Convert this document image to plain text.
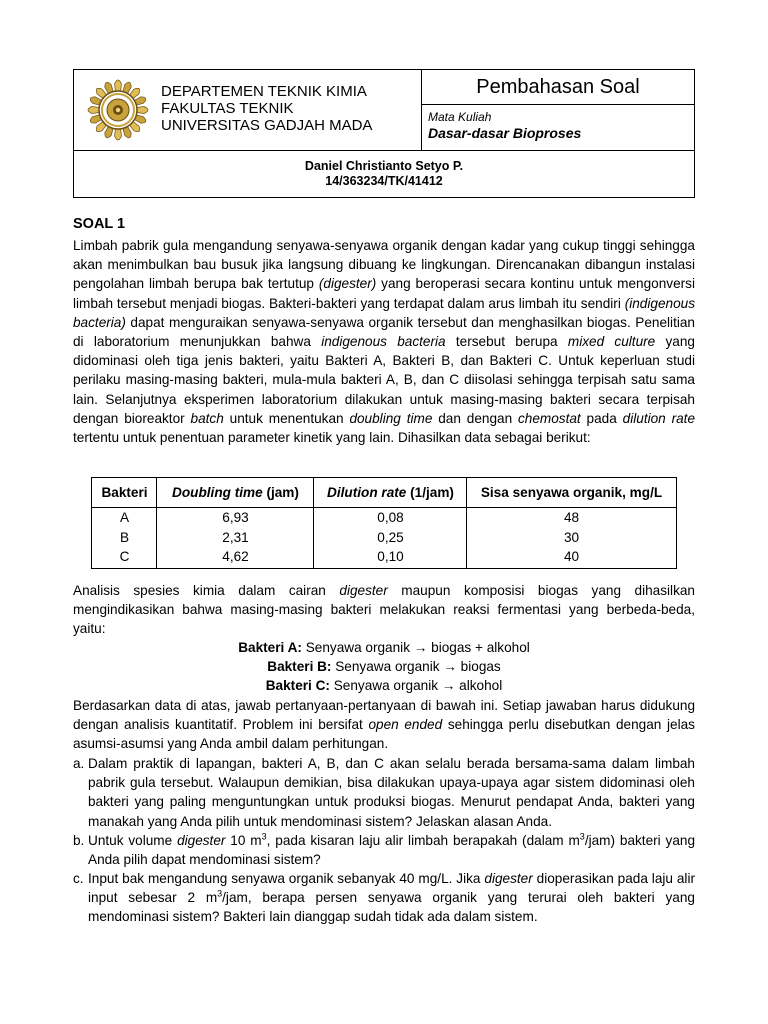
DEPARTEMEN TEKNIK KIMIA
FAKULTAS TEKNIK
UNIVERSITAS GADJAH MADA
Pembahasan Soal
Mata Kuliah
Dasar-dasar Bioproses
Daniel Christianto Setyo P.
14/363234/TK/41412
SOAL 1
Limbah pabrik gula mengandung senyawa-senyawa organik dengan kadar yang cukup tinggi sehingga akan menimbulkan bau busuk jika langsung dibuang ke lingkungan. Direncanakan dibangun instalasi pengolahan limbah berupa bak tertutup (digester) yang beroperasi secara kontinu untuk mengonversi limbah tersebut menjadi biogas. Bakteri-bakteri yang terdapat dalam arus limbah itu sendiri (indigenous bacteria) dapat menguraikan senyawa-senyawa organik tersebut dan menghasilkan biogas. Penelitian di laboratorium menunjukkan bahwa indigenous bacteria tersebut berupa mixed culture yang didominasi oleh tiga jenis bakteri, yaitu Bakteri A, Bakteri B, dan Bakteri C. Untuk keperluan studi perilaku masing-masing bakteri, mula-mula bakteri A, B, dan C diisolasi sehingga terpisah satu sama lain. Selanjutnya eksperimen laboratorium dilakukan untuk masing-masing bakteri secara terpisah dengan bioreaktor batch untuk menentukan doubling time dan dengan chemostat pada dilution rate tertentu untuk penentuan parameter kinetik yang lain. Dihasilkan data sebagai berikut:
Bakteri	Doubling time (jam)	Dilution rate (1/jam)	Sisa senyawa organik, mg/L
A	6,93	0,08	48
B	2,31	0,25	30
C	4,62	0,10	40
Analisis spesies kimia dalam cairan digester maupun komposisi biogas yang dihasilkan mengindikasikan bahwa masing-masing bakteri melakukan reaksi fermentasi yang berbeda-beda, yaitu:
Bakteri A: Senyawa organik → biogas + alkohol
Bakteri B: Senyawa organik → biogas
Bakteri C: Senyawa organik → alkohol
Berdasarkan data di atas, jawab pertanyaan-pertanyaan di bawah ini. Setiap jawaban harus didukung dengan analisis kuantitatif. Problem ini bersifat open ended sehingga perlu disebutkan dengan jelas asumsi-asumsi yang Anda ambil dalam perhitungan.
a. Dalam praktik di lapangan, bakteri A, B, dan C akan selalu berada bersama-sama dalam limbah pabrik gula tersebut. Walaupun demikian, bisa dilakukan upaya-upaya agar sistem didominasi oleh bakteri yang paling menguntungkan untuk produksi biogas. Menurut pendapat Anda, bakteri yang manakah yang Anda pilih untuk mendominasi sistem? Jelaskan alasan Anda.
b. Untuk volume digester 10 $m^3$, pada kisaran laju alir limbah berapakah (dalam $m^3/jam$) bakteri yang Anda pilih dapat mendominasi sistem?
c. Input bak mengandung senyawa organik sebanyak 40 mg/L. Jika digester dioperasikan pada laju alir input sebesar 2 $m^3$/jam, berapa persen senyawa organik yang terurai oleh bakteri yang mendominasi sistem? Bakteri lain dianggap sudah tidak ada dalam sistem.
